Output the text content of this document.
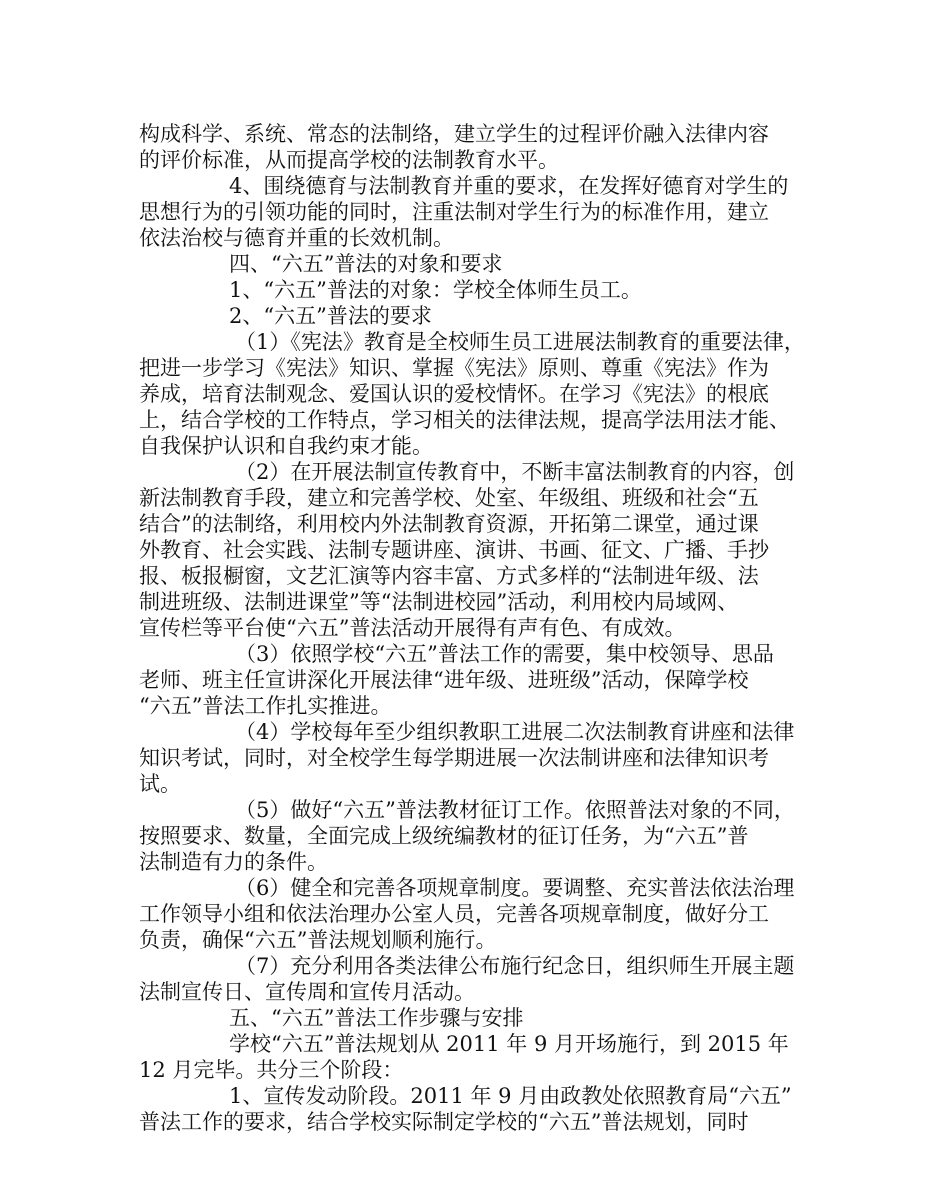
构成科学、系统、常态的法制络，建立学生的过程评价融入法律内容
的评价标准，从而提高学校的法制教育水平。
4、围绕德育与法制教育并重的要求，在发挥好德育对学生的
思想行为的引领功能的同时，注重法制对学生行为的标准作用，建立
依法治校与德育并重的长效机制。
四、“六五”普法的对象和要求
1、“六五”普法的对象：学校全体师生员工。
2、“六五”普法的要求
（1）《宪法》教育是全校师生员工进展法制教育的重要法律，
把进一步学习《宪法》知识、掌握《宪法》原则、尊重《宪法》作为
养成，培育法制观念、爱国认识的爱校情怀。在学习《宪法》的根底
上，结合学校的工作特点，学习相关的法律法规，提高学法用法才能、
自我保护认识和自我约束才能。
（2）在开展法制宣传教育中，不断丰富法制教育的内容，创
新法制教育手段，建立和完善学校、处室、年级组、班级和社会“五
结合”的法制络，利用校内外法制教育资源，开拓第二课堂，通过课
外教育、社会实践、法制专题讲座、演讲、书画、征文、广播、手抄
报、板报橱窗，文艺汇演等内容丰富、方式多样的“法制进年级、法
制进班级、法制进课堂”等“法制进校园”活动，利用校内局域网、
宣传栏等平台使“六五”普法活动开展得有声有色、有成效。
（3）依照学校“六五”普法工作的需要，集中校领导、思品
老师、班主任宣讲深化开展法律“进年级、进班级”活动，保障学校
“六五”普法工作扎实推进。
（4）学校每年至少组织教职工进展二次法制教育讲座和法律
知识考试，同时，对全校学生每学期进展一次法制讲座和法律知识考
试。
（5）做好“六五”普法教材征订工作。依照普法对象的不同，
按照要求、数量，全面完成上级统编教材的征订任务，为“六五”普
法制造有力的条件。
（6）健全和完善各项规章制度。要调整、充实普法依法治理
工作领导小组和依法治理办公室人员，完善各项规章制度，做好分工
负责，确保“六五”普法规划顺利施行。
（7）充分利用各类法律公布施行纪念日，组织师生开展主题
法制宣传日、宣传周和宣传月活动。
五、“六五”普法工作步骤与安排
学校“六五”普法规划从 2011 年 9 月开场施行，到 2015 年
12 月完毕。共分三个阶段：
1、宣传发动阶段。2011 年 9 月由政教处依照教育局“六五”
普法工作的要求，结合学校实际制定学校的“六五”普法规划，同时
